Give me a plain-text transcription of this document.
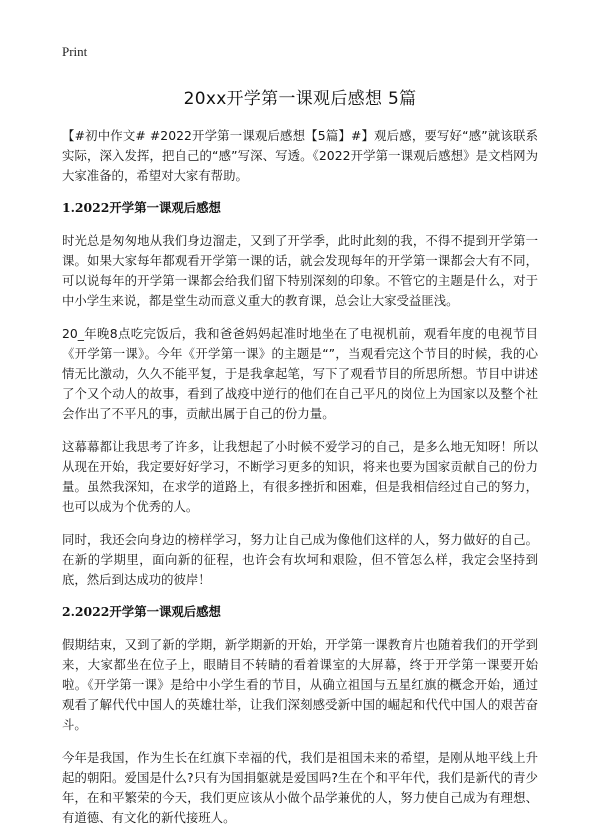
Print
20xx开学第一课观后感想 5篇

【#初中作文# #2022开学第一课观后感想【5篇】#】观后感，要写好“感”就该联系实际，深入发挥，把自己的“感”写深、写透。《2022开学第一课观后感想》是文档网为大家准备的，希望对大家有帮助。

1.2022开学第一课观后感想

时光总是匆匆地从我们身边溜走，又到了开学季，此时此刻的我，不得不提到开学第一课。如果大家每年都观看开学第一课的话，就会发现每年的开学第一课都会大有不同，可以说每年的开学第一课都会给我们留下特别深刻的印象。不管它的主题是什么，对于中小学生来说，都是堂生动而意义重大的教育课，总会让大家受益匪浅。

20_年晚8点吃完饭后，我和爸爸妈妈起准时地坐在了电视机前，观看年度的电视节目《开学第一课》。今年《开学第一课》的主题是“”，当观看完这个节目的时候，我的心情无比激动，久久不能平复，于是我拿起笔，写下了观看节目的所思所想。节目中讲述了个又个动人的故事，看到了战疫中逆行的他们在自己平凡的岗位上为国家以及整个社会作出了不平凡的事，贡献出属于自己的份力量。

这幕幕都让我思考了许多，让我想起了小时候不爱学习的自己，是多么地无知呀！所以从现在开始，我定要好好学习，不断学习更多的知识，将来也要为国家贡献自己的份力量。虽然我深知，在求学的道路上，有很多挫折和困难，但是我相信经过自己的努力，也可以成为个优秀的人。

同时，我还会向身边的榜样学习，努力让自己成为像他们这样的人，努力做好的自己。在新的学期里，面向新的征程，也许会有坎坷和艰险，但不管怎么样，我定会坚持到底，然后到达成功的彼岸！

2.2022开学第一课观后感想

假期结束，又到了新的学期，新学期新的开始，开学第一课教育片也随着我们的开学到来，大家都坐在位子上，眼睛目不转睛的看着课室的大屏幕，终于开学第一课要开始啦。《开学第一课》是给中小学生看的节目，从确立祖国与五星红旗的概念开始，通过观看了解代代中国人的英雄壮举，让我们深刻感受新中国的崛起和代代中国人的艰苦奋斗。

今年是我国，作为生长在红旗下幸福的代，我们是祖国未来的希望，是刚从地平线上升起的朝阳。爱国是什么?只有为国捐躯就是爱国吗?生在个和平年代，我们是新代的青少年，在和平繁荣的今天，我们更应该从小做个品学兼优的人，努力使自己成为有理想、有道德、有文化的新代接班人。
